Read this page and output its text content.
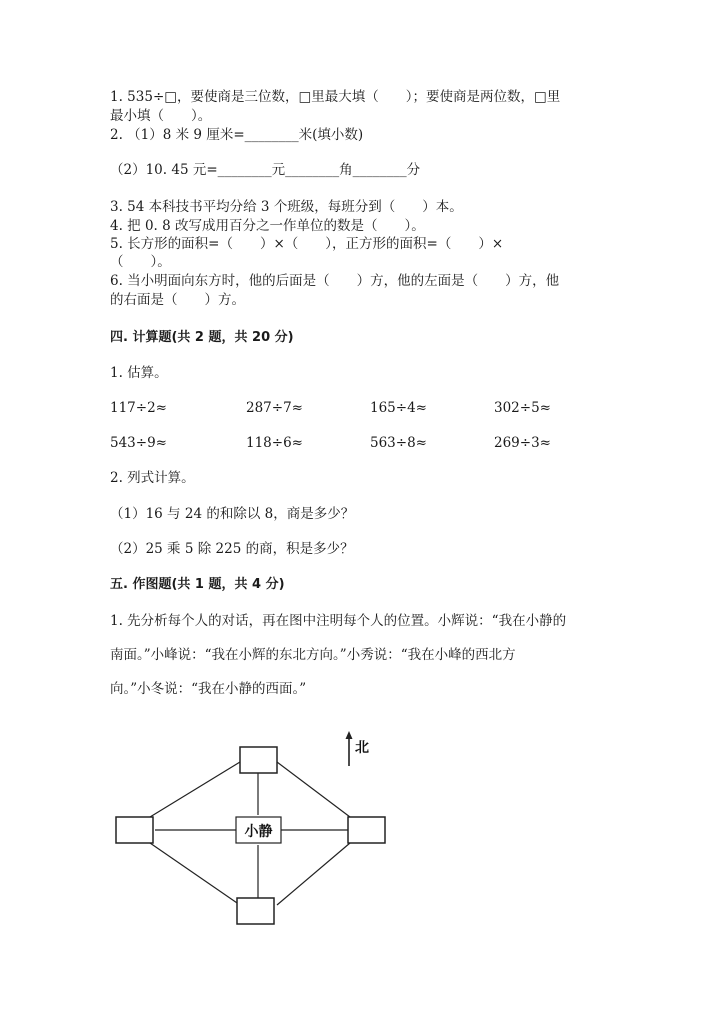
1. 535÷□，要使商是三位数，□里最大填（　　）；要使商是两位数，□里
最小填（　　）。
2. （1）8 米 9 厘米=________米(填小数)
（2）10. 45 元=________元________角________分
3. 54 本科技书平均分给 3 个班级，每班分到（　　）本。
4. 把 0. 8 改写成用百分之一作单位的数是（　　）。
5. 长方形的面积=（　　）×（　　），正方形的面积=（　　）×
（　　）。
6. 当小明面向东方时，他的后面是（　　）方，他的左面是（　　）方，他
的右面是（　　）方。
四. 计算题(共 2 题，共 20 分)
1. 估算。
117÷2≈	287÷7≈	165÷4≈	302÷5≈
543÷9≈	118÷6≈	563÷8≈	269÷3≈
2. 列式计算。
（1）16 与 24 的和除以 8，商是多少？
（2）25 乘 5 除 225 的商，积是多少？
五. 作图题(共 1 题，共 4 分)
1. 先分析每个人的对话，再在图中注明每个人的位置。小辉说：“我在小静的
南面。”小峰说：“我在小辉的东北方向。”小秀说：“我在小峰的西北方
向。”小冬说：“我在小静的西面。”
小静
北
